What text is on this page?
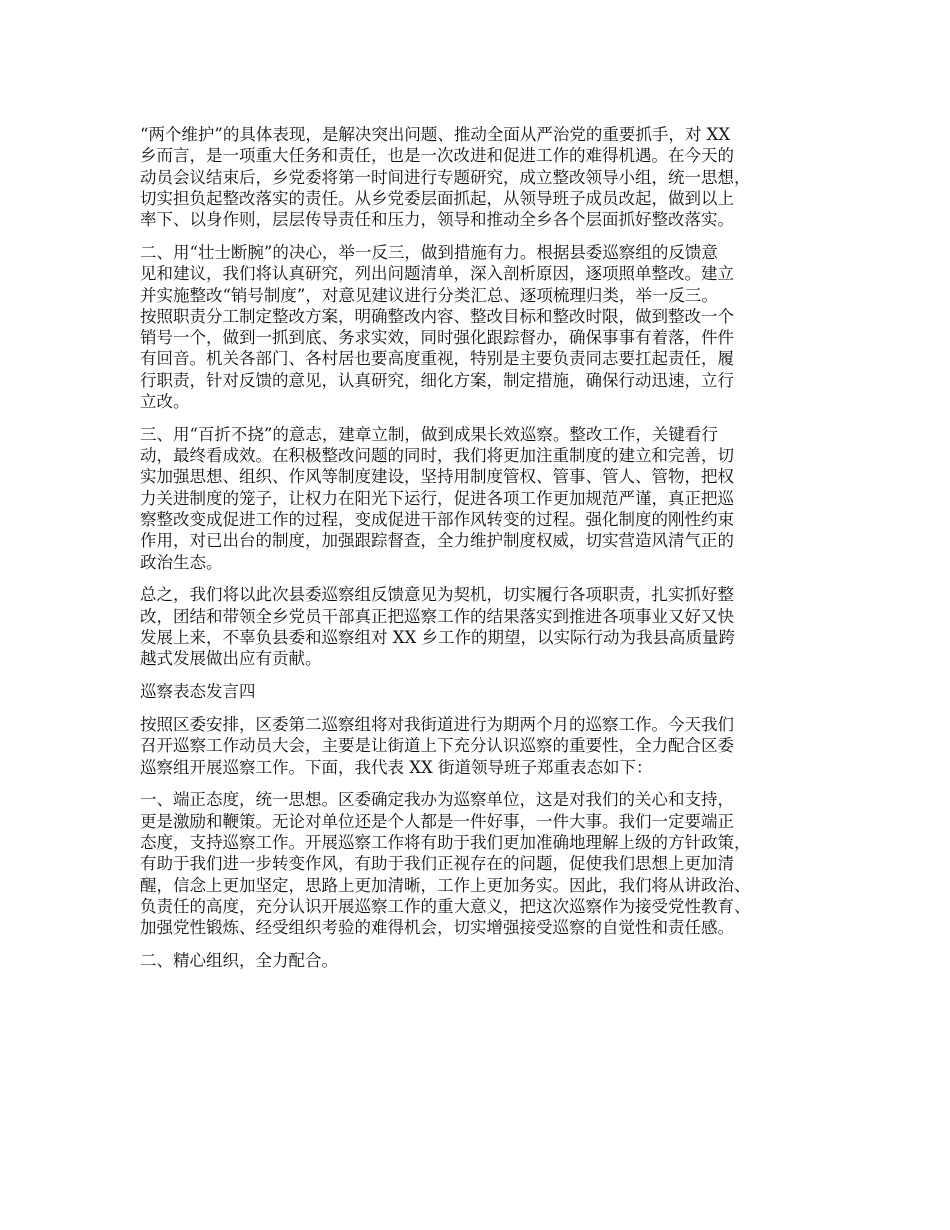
“两个维护”的具体表现，是解决突出问题、推动全面从严治党的重要抓手，对 XX
乡而言，是一项重大任务和责任，也是一次改进和促进工作的难得机遇。在今天的
动员会议结束后，乡党委将第一时间进行专题研究，成立整改领导小组，统一思想，
切实担负起整改落实的责任。从乡党委层面抓起，从领导班子成员改起，做到以上
率下、以身作则，层层传导责任和压力，领导和推动全乡各个层面抓好整改落实。

二、用“壮士断腕”的决心，举一反三，做到措施有力。根据县委巡察组的反馈意
见和建议，我们将认真研究，列出问题清单，深入剖析原因，逐项照单整改。建立
并实施整改“销号制度”，对意见建议进行分类汇总、逐项梳理归类，举一反三。
按照职责分工制定整改方案，明确整改内容、整改目标和整改时限，做到整改一个
销号一个，做到一抓到底、务求实效，同时强化跟踪督办，确保事事有着落，件件
有回音。机关各部门、各村居也要高度重视，特别是主要负责同志要扛起责任，履
行职责，针对反馈的意见，认真研究，细化方案，制定措施，确保行动迅速，立行
立改。

三、用“百折不挠”的意志，建章立制，做到成果长效巡察。整改工作，关键看行
动，最终看成效。在积极整改问题的同时，我们将更加注重制度的建立和完善，切
实加强思想、组织、作风等制度建设，坚持用制度管权、管事、管人、管物，把权
力关进制度的笼子，让权力在阳光下运行，促进各项工作更加规范严谨，真正把巡
察整改变成促进工作的过程，变成促进干部作风转变的过程。强化制度的刚性约束
作用，对已出台的制度，加强跟踪督查，全力维护制度权威，切实营造风清气正的
政治生态。

总之，我们将以此次县委巡察组反馈意见为契机，切实履行各项职责，扎实抓好整
改，团结和带领全乡党员干部真正把巡察工作的结果落实到推进各项事业又好又快
发展上来，不辜负县委和巡察组对 XX 乡工作的期望，以实际行动为我县高质量跨
越式发展做出应有贡献。

巡察表态发言四

按照区委安排，区委第二巡察组将对我街道进行为期两个月的巡察工作。今天我们
召开巡察工作动员大会，主要是让街道上下充分认识巡察的重要性，全力配合区委
巡察组开展巡察工作。下面，我代表 XX 街道领导班子郑重表态如下：

一、端正态度，统一思想。区委确定我办为巡察单位，这是对我们的关心和支持，
更是激励和鞭策。无论对单位还是个人都是一件好事，一件大事。我们一定要端正
态度，支持巡察工作。开展巡察工作将有助于我们更加准确地理解上级的方针政策，
有助于我们进一步转变作风，有助于我们正视存在的问题，促使我们思想上更加清
醒，信念上更加坚定，思路上更加清晰，工作上更加务实。因此，我们将从讲政治、
负责任的高度，充分认识开展巡察工作的重大意义，把这次巡察作为接受党性教育、
加强党性锻炼、经受组织考验的难得机会，切实增强接受巡察的自觉性和责任感。

二、精心组织，全力配合。
